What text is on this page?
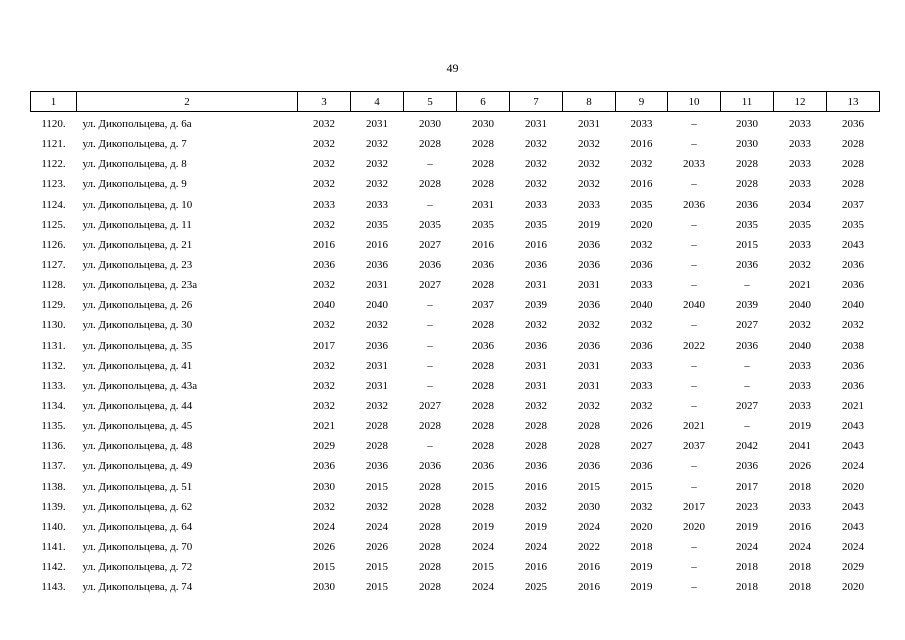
49
1	2	3	4	5	6	7	8	9	10	11	12	13
1120.	ул. Дикопольцева, д. 6а	2032	2031	2030	2030	2031	2031	2033	–	2030	2033	2036
1121.	ул. Дикопольцева, д. 7	2032	2032	2028	2028	2032	2032	2016	–	2030	2033	2028
1122.	ул. Дикопольцева, д. 8	2032	2032	–	2028	2032	2032	2032	2033	2028	2033	2028
1123.	ул. Дикопольцева, д. 9	2032	2032	2028	2028	2032	2032	2016	–	2028	2033	2028
1124.	ул. Дикопольцева, д. 10	2033	2033	–	2031	2033	2033	2035	2036	2036	2034	2037
1125.	ул. Дикопольцева, д. 11	2032	2035	2035	2035	2035	2019	2020	–	2035	2035	2035
1126.	ул. Дикопольцева, д. 21	2016	2016	2027	2016	2016	2036	2032	–	2015	2033	2043
1127.	ул. Дикопольцева, д. 23	2036	2036	2036	2036	2036	2036	2036	–	2036	2032	2036
1128.	ул. Дикопольцева, д. 23а	2032	2031	2027	2028	2031	2031	2033	–	–	2021	2036
1129.	ул. Дикопольцева, д. 26	2040	2040	–	2037	2039	2036	2040	2040	2039	2040	2040
1130.	ул. Дикопольцева, д. 30	2032	2032	–	2028	2032	2032	2032	–	2027	2032	2032
1131.	ул. Дикопольцева, д. 35	2017	2036	–	2036	2036	2036	2036	2022	2036	2040	2038
1132.	ул. Дикопольцева, д. 41	2032	2031	–	2028	2031	2031	2033	–	–	2033	2036
1133.	ул. Дикопольцева, д. 43а	2032	2031	–	2028	2031	2031	2033	–	–	2033	2036
1134.	ул. Дикопольцева, д. 44	2032	2032	2027	2028	2032	2032	2032	–	2027	2033	2021
1135.	ул. Дикопольцева, д. 45	2021	2028	2028	2028	2028	2028	2026	2021	–	2019	2043
1136.	ул. Дикопольцева, д. 48	2029	2028	–	2028	2028	2028	2027	2037	2042	2041	2043
1137.	ул. Дикопольцева, д. 49	2036	2036	2036	2036	2036	2036	2036	–	2036	2026	2024
1138.	ул. Дикопольцева, д. 51	2030	2015	2028	2015	2016	2015	2015	–	2017	2018	2020
1139.	ул. Дикопольцева, д. 62	2032	2032	2028	2028	2032	2030	2032	2017	2023	2033	2043
1140.	ул. Дикопольцева, д. 64	2024	2024	2028	2019	2019	2024	2020	2020	2019	2016	2043
1141.	ул. Дикопольцева, д. 70	2026	2026	2028	2024	2024	2022	2018	–	2024	2024	2024
1142.	ул. Дикопольцева, д. 72	2015	2015	2028	2015	2016	2016	2019	–	2018	2018	2029
1143.	ул. Дикопольцева, д. 74	2030	2015	2028	2024	2025	2016	2019	–	2018	2018	2020
